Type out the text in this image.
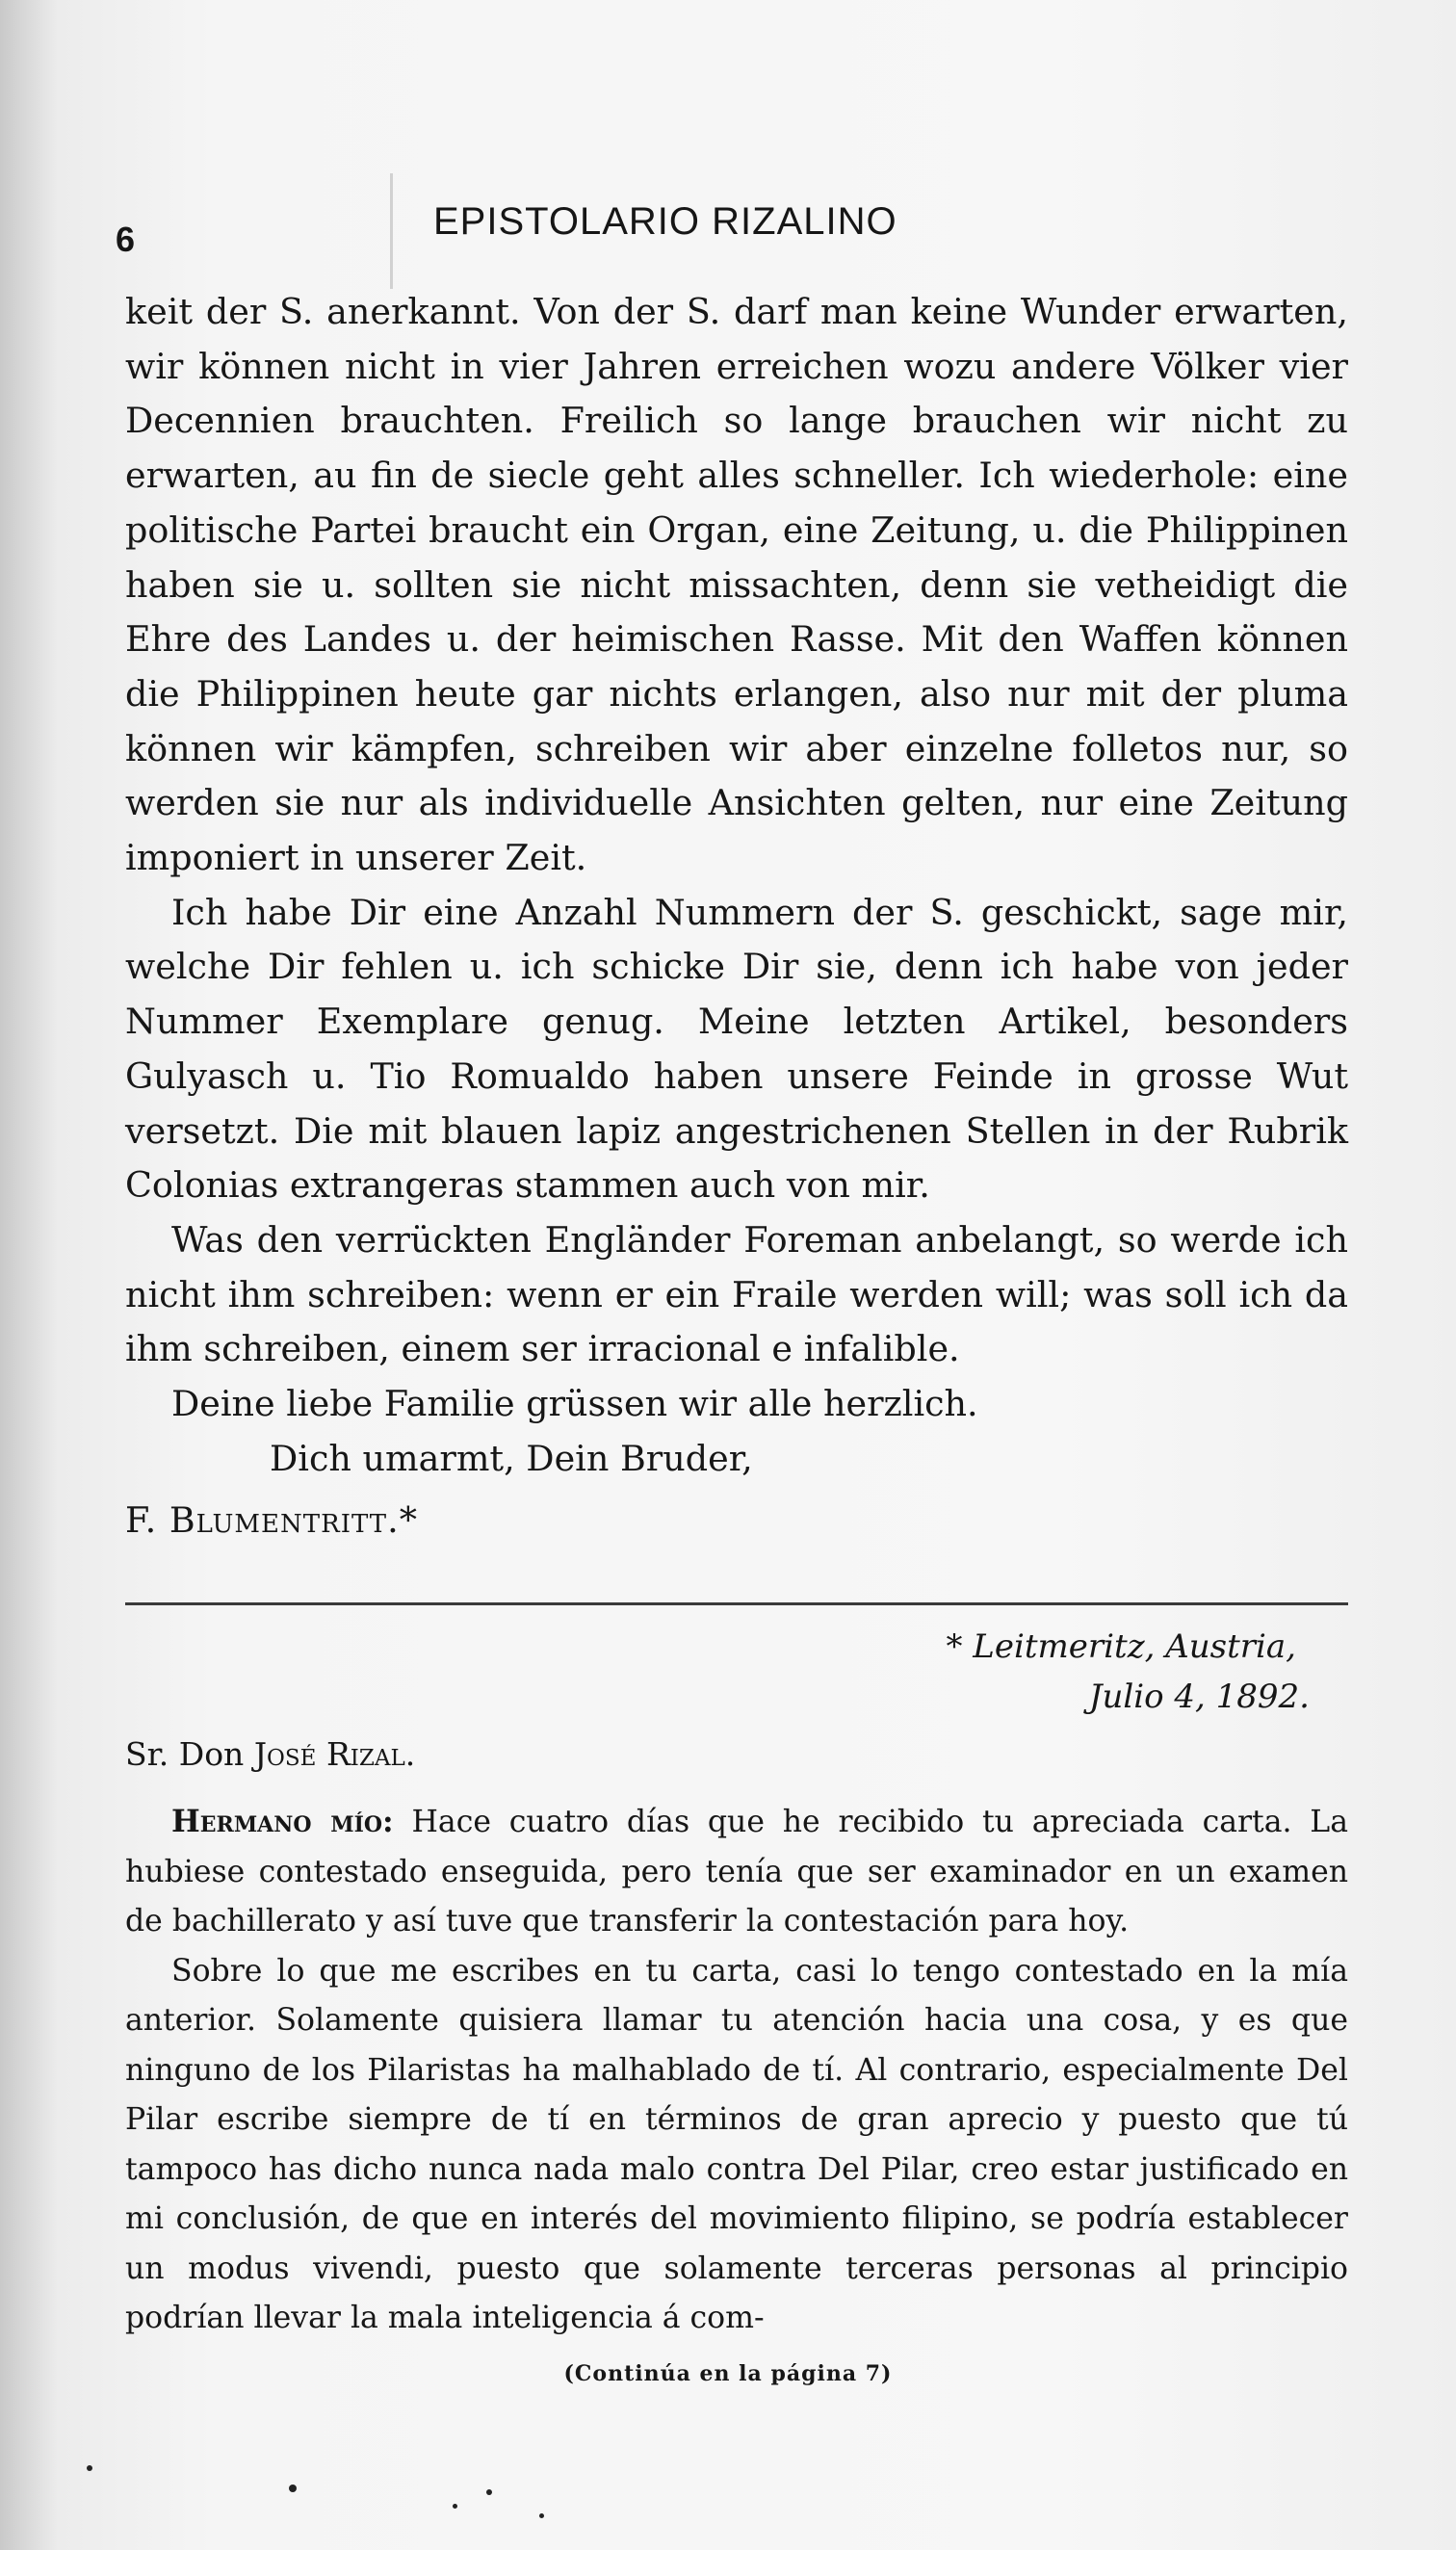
6	EPISTOLARIO RIZALINO

keit der S. anerkannt. Von der S. darf man keine Wunder erwarten, wir können nicht in vier Jahren erreichen wozu andere Völker vier Decennien brauchten. Freilich so lange brauchen wir nicht zu erwarten, au fin de siecle geht alles schneller. Ich wiederhole: eine politische Partei braucht ein Organ, eine Zeitung, u. die Philippinen haben sie u. sollten sie nicht missachten, denn sie vetheidigt die Ehre des Landes u. der heimischen Rasse. Mit den Waffen können die Philippinen heute gar nichts erlangen, also nur mit der pluma können wir kämpfen, schreiben wir aber einzelne folletos nur, so werden sie nur als individuelle Ansichten gelten, nur eine Zeitung imponiert in unserer Zeit.

Ich habe Dir eine Anzahl Nummern der S. geschickt, sage mir, welche Dir fehlen u. ich schicke Dir sie, denn ich habe von jeder Nummer Exemplare genug. Meine letzten Artikel, besonders Gulyasch u. Tio Romualdo haben unsere Feinde in grosse Wut versetzt. Die mit blauen lapiz angestrichenen Stellen in der Rubrik Colonias extrangeras stammen auch von mir.

Was den verrückten Engländer Foreman anbelangt, so werde ich nicht ihm schreiben: wenn er ein Fraile werden will; was soll ich da ihm schreiben, einem ser irracional e infalible.

Deine liebe Familie grüssen wir alle herzlich.

Dich umarmt, Dein Bruder,

F. Blumentritt.*

* Leitmeritz, Austria,
Julio 4, 1892.
Sr. Don José Rizal.

Hermano mío: Hace cuatro días que he recibido tu apreciada carta. La hubiese contestado enseguida, pero tenía que ser examinador en un examen de bachillerato y así tuve que transferir la contestación para hoy.

Sobre lo que me escribes en tu carta, casi lo tengo contestado en la mía anterior. Solamente quisiera llamar tu atención hacia una cosa, y es que ninguno de los Pilaristas ha malhablado de tí. Al contrario, especialmente Del Pilar escribe siempre de tí en términos de gran aprecio y puesto que tú tampoco has dicho nunca nada malo contra Del Pilar, creo estar justificado en mi conclusión, de que en interés del movimiento filipino, se podría establecer un modus vivendi, puesto que solamente terceras personas al principio podrían llevar la mala inteligencia á com-

(Continúa en la página 7)
